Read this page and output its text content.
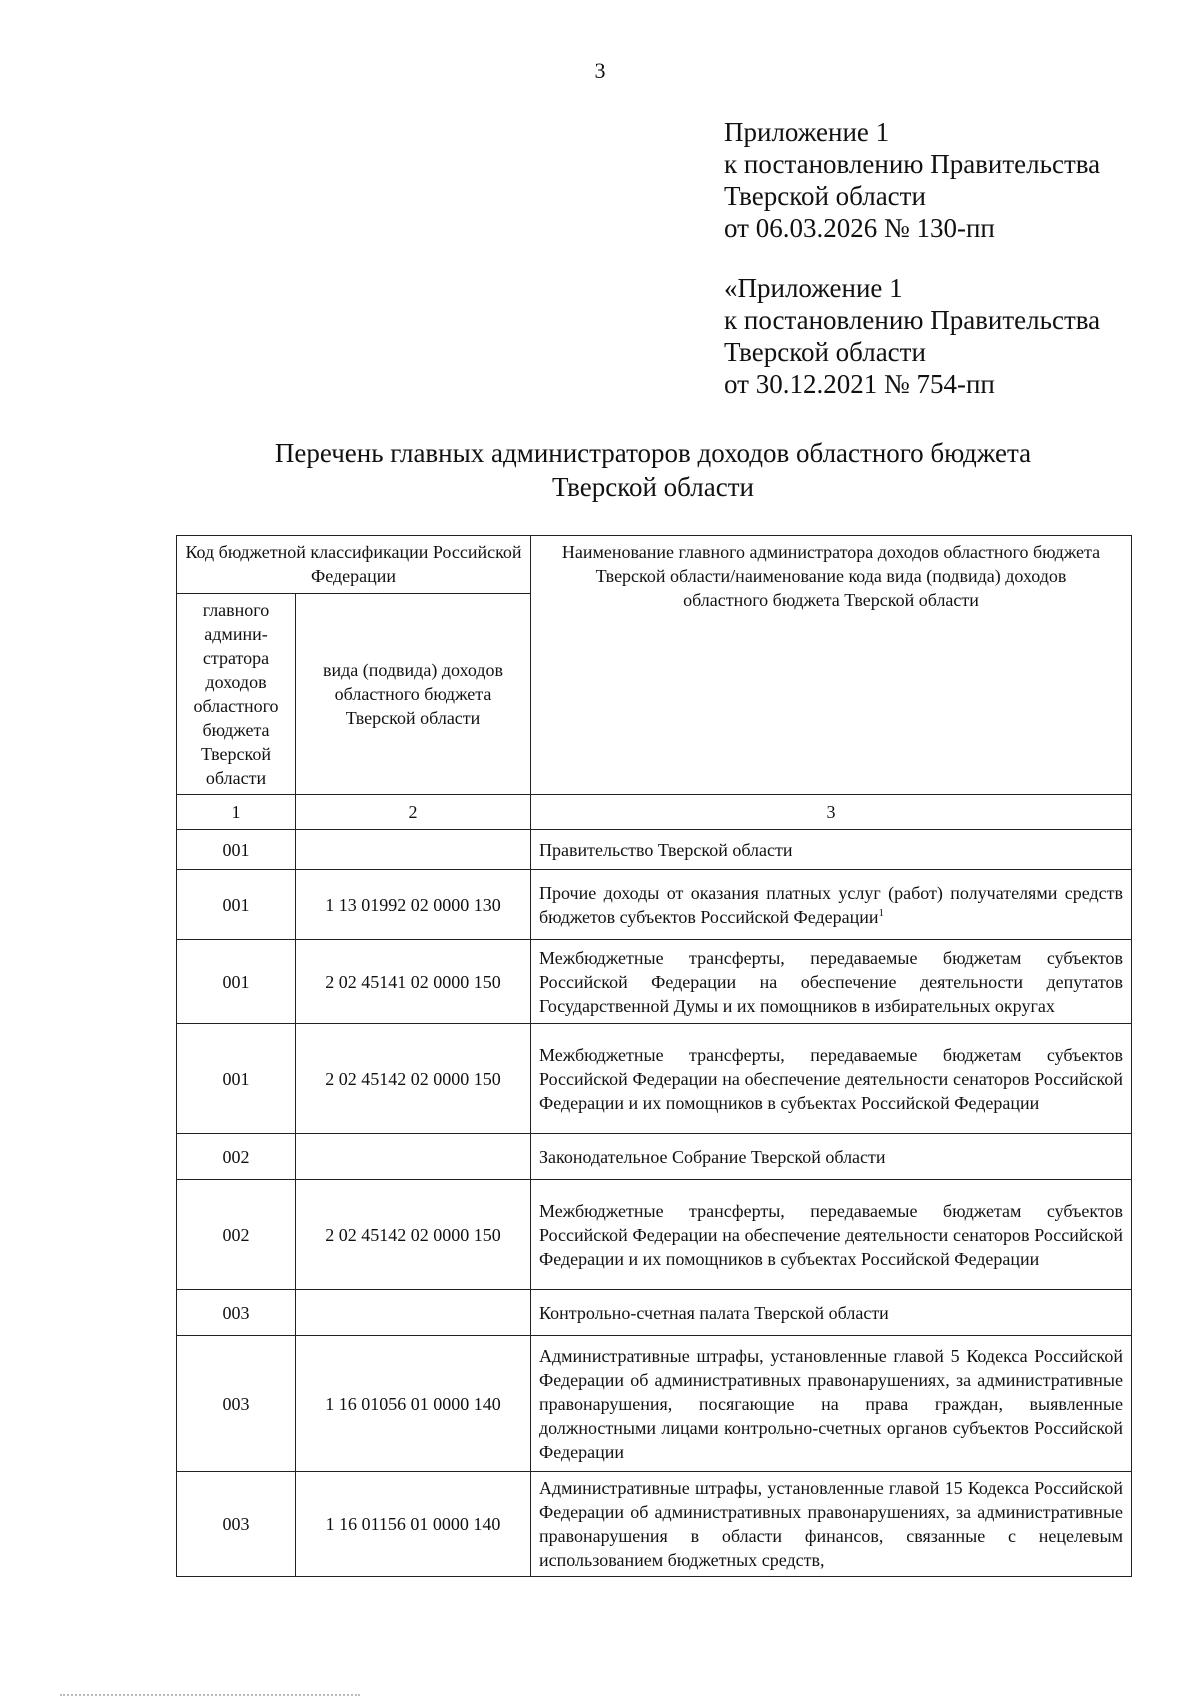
3
Приложение 1
к постановлению Правительства
Тверской области
от 06.03.2026 № 130-пп
«Приложение 1
к постановлению Правительства
Тверской области
от 30.12.2021 № 754-пп
Перечень главных администраторов доходов областного бюджета
Тверской области
Код бюджетной классификации Российской Федерации		Наименование главного администратора доходов областного бюджета Тверской области/наименование кода вида (подвида) доходов областного бюджета Тверской области
главного админи-стратора доходов областного бюджета Тверской области	вида (подвида) доходов областного бюджета Тверской области	
1	2	3
001		Правительство Тверской области
001	1 13 01992 02 0000 130	Прочие доходы от оказания платных услуг (работ) получателями средств бюджетов субъектов Российской Федерации$^1$
001	2 02 45141 02 0000 150	Межбюджетные трансферты, передаваемые бюджетам субъектов Российской Федерации на обеспечение деятельности депутатов Государственной Думы и их помощников в избирательных округах
001	2 02 45142 02 0000 150	Межбюджетные трансферты, передаваемые бюджетам субъектов Российской Федерации на обеспечение деятельности сенаторов Российской Федерации и их помощников в субъектах Российской Федерации
002		Законодательное Собрание Тверской области
002	2 02 45142 02 0000 150	Межбюджетные трансферты, передаваемые бюджетам субъектов Российской Федерации на обеспечение деятельности сенаторов Российской Федерации и их помощников в субъектах Российской Федерации
003		Контрольно-счетная палата Тверской области
003	1 16 01056 01 0000 140	Административные штрафы, установленные главой 5 Кодекса Российской Федерации об административных правонарушениях, за административные правонарушения, посягающие на права граждан, выявленные должностными лицами контрольно-счетных органов субъектов Российской Федерации
003	1 16 01156 01 0000 140	Административные штрафы, установленные главой 15 Кодекса Российской Федерации об административных правонарушениях, за административные правонарушения в области финансов, связанные с нецелевым использованием бюджетных средств,
